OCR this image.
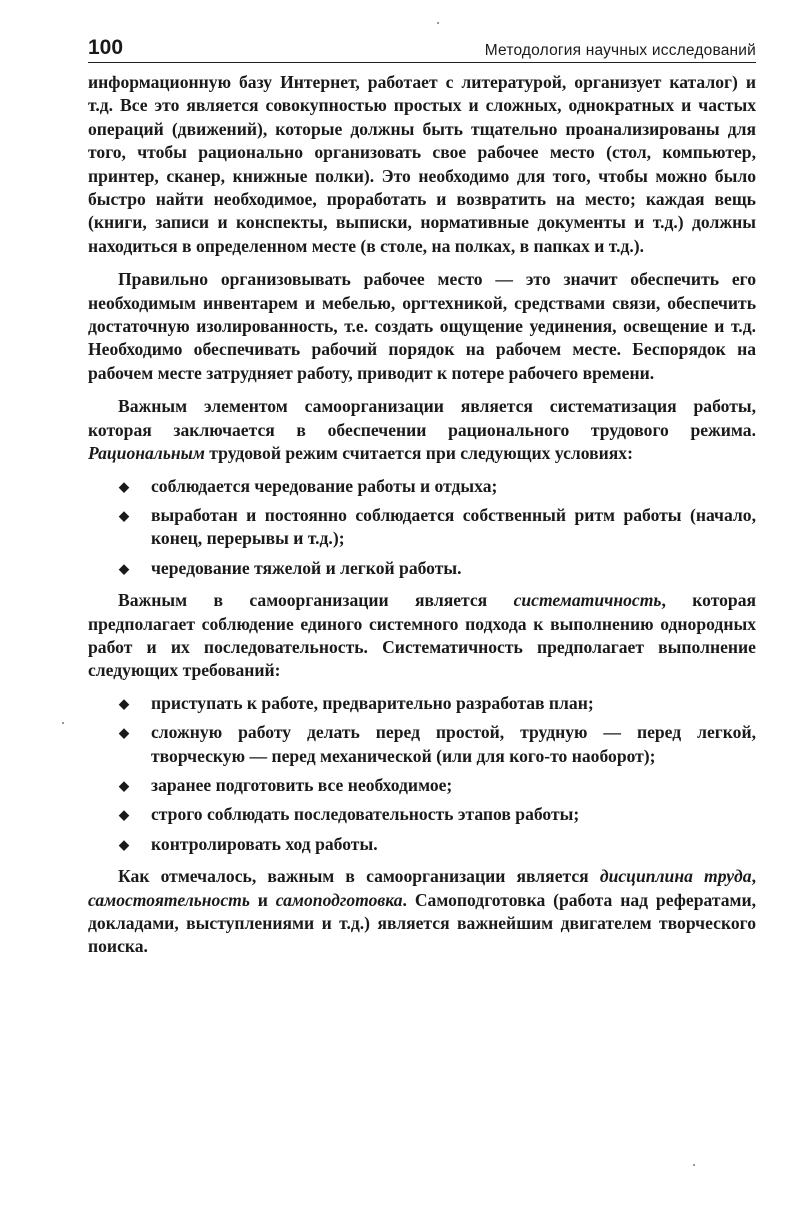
100	Методология научных исследований

информационную базу Интернет, работает с литературой, организует каталог) и т.д. Все это является совокупностью простых и сложных, однократных и частых операций (движений), которые должны быть тщательно проанализированы для того, чтобы рационально организовать свое рабочее место (стол, компьютер, принтер, сканер, книжные полки). Это необходимо для того, чтобы можно было быстро найти необходимое, проработать и возвратить на место; каждая вещь (книги, записи и конспекты, выписки, нормативные документы и т.д.) должны находиться в определенном месте (в столе, на полках, в папках и т.д.).

Правильно организовывать рабочее место — это значит обеспечить его необходимым инвентарем и мебелью, оргтехникой, средствами связи, обеспечить достаточную изолированность, т.е. создать ощущение уединения, освещение и т.д. Необходимо обеспечивать рабочий порядок на рабочем месте. Беспорядок на рабочем месте затрудняет работу, приводит к потере рабочего времени.

Важным элементом самоорганизации является систематизация работы, которая заключается в обеспечении рационального трудового режима. Рациональным трудовой режим считается при следующих условиях:

◆ соблюдается чередование работы и отдыха;
◆ выработан и постоянно соблюдается собственный ритм работы (начало, конец, перерывы и т.д.);
◆ чередование тяжелой и легкой работы.

Важным в самоорганизации является систематичность, которая предполагает соблюдение единого системного подхода к выполнению однородных работ и их последовательность. Систематичность предполагает выполнение следующих требований:

◆ приступать к работе, предварительно разработав план;
◆ сложную работу делать перед простой, трудную — перед легкой, творческую — перед механической (или для кого-то наоборот);
◆ заранее подготовить все необходимое;
◆ строго соблюдать последовательность этапов работы;
◆ контролировать ход работы.

Как отмечалось, важным в самоорганизации является дисциплина труда, самостоятельность и самоподготовка. Самоподготовка (работа над рефератами, докладами, выступлениями и т.д.) является важнейшим двигателем творческого поиска.
